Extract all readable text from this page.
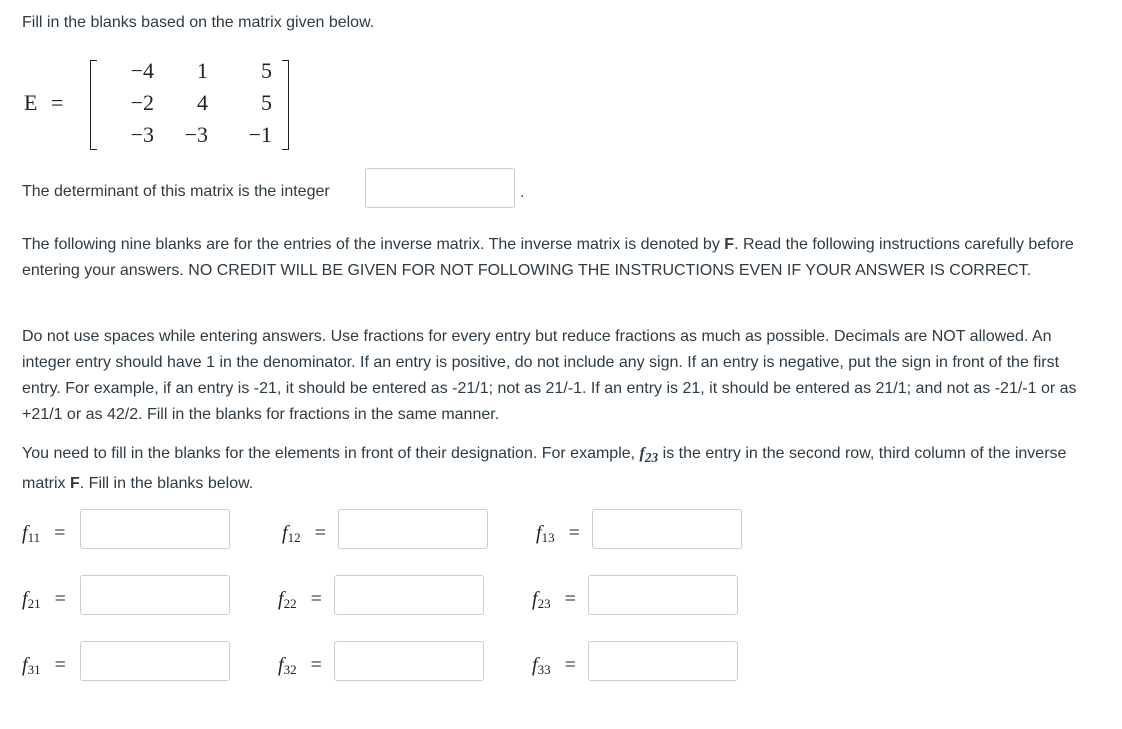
Fill in the blanks based on the matrix given below.
E =
−4 1 5
−2 4 5
−3 −3 −1
The determinant of this matrix is the integer	.
The following nine blanks are for the entries of the inverse matrix. The inverse matrix is denoted by F. Read the following instructions carefully before entering your answers. NO CREDIT WILL BE GIVEN FOR NOT FOLLOWING THE INSTRUCTIONS EVEN IF YOUR ANSWER IS CORRECT.
Do not use spaces while entering answers. Use fractions for every entry but reduce fractions as much as possible. Decimals are NOT allowed. An integer entry should have 1 in the denominator. If an entry is positive, do not include any sign. If an entry is negative, put the sign in front of the first entry. For example, if an entry is -21, it should be entered as -21/1; not as 21/-1. If an entry is 21, it should be entered as 21/1; and not as -21/-1 or as +21/1 or as 42/2. Fill in the blanks for fractions in the same manner.
You need to fill in the blanks for the elements in front of their designation. For example, $f_{23}$ is the entry in the second row, third column of the inverse matrix F. Fill in the blanks below.
$f_{11}$ =	$f_{12}$ =	$f_{13}$ =
$f_{21}$ =	$f_{22}$ =	$f_{23}$ =
$f_{31}$ =	$f_{32}$ =	$f_{33}$ =
